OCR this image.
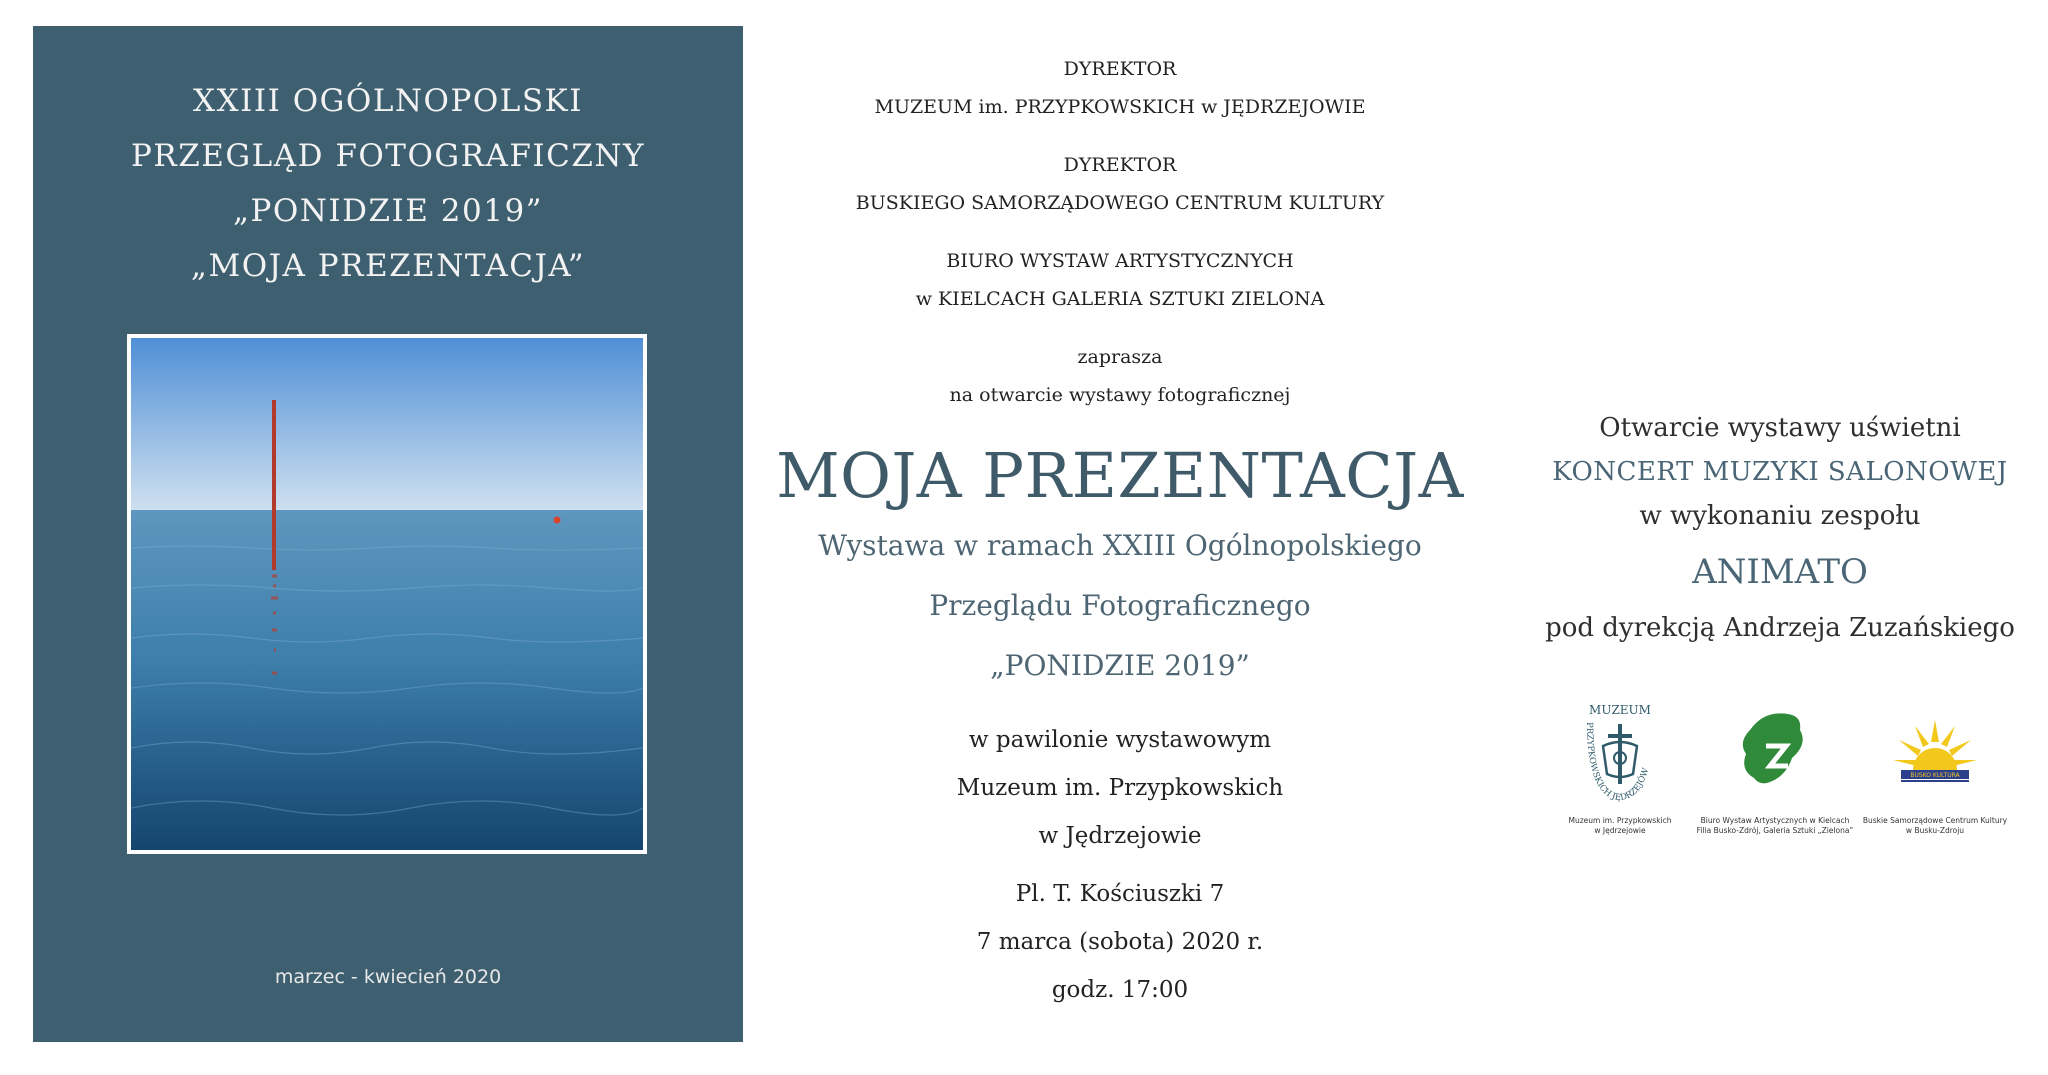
XXIII OGÓLNOPOLSKI
PRZEGLĄD FOTOGRAFICZNY
„PONIDZIE 2019”
„MOJA PREZENTACJA”
marzec - kwiecień 2020
DYREKTOR
MUZEUM im. PRZYPKOWSKICH w JĘDRZEJOWIE
DYREKTOR
BUSKIEGO SAMORZĄDOWEGO CENTRUM KULTURY
BIURO WYSTAW ARTYSTYCZNYCH
w KIELCACH GALERIA SZTUKI ZIELONA
zaprasza
na otwarcie wystawy fotograficznej
MOJA PREZENTACJA
Wystawa w ramach XXIII Ogólnopolskiego
Przeglądu Fotograficznego
„PONIDZIE 2019”
w pawilonie wystawowym
Muzeum im. Przypkowskich
w Jędrzejowie
Pl. T. Kościuszki 7
7 marca (sobota) 2020 r.
godz. 17:00
Otwarcie wystawy uświetni
KONCERT MUZYKI SALONOWEJ
w wykonaniu zespołu
ANIMATO
pod dyrekcją Andrzeja Zuzańskiego
MUZEUM
PRZYPKOWSKICH JĘDRZEJÓW
Muzeum im. Przypkowskich
w Jędrzejowie
Biuro Wystaw Artystycznych w Kielcach
Filia Busko-Zdrój, Galeria Sztuki „Zielona”
BUSKO KULTURA
Buskie Samorządowe Centrum Kultury
w Busku-Zdroju
